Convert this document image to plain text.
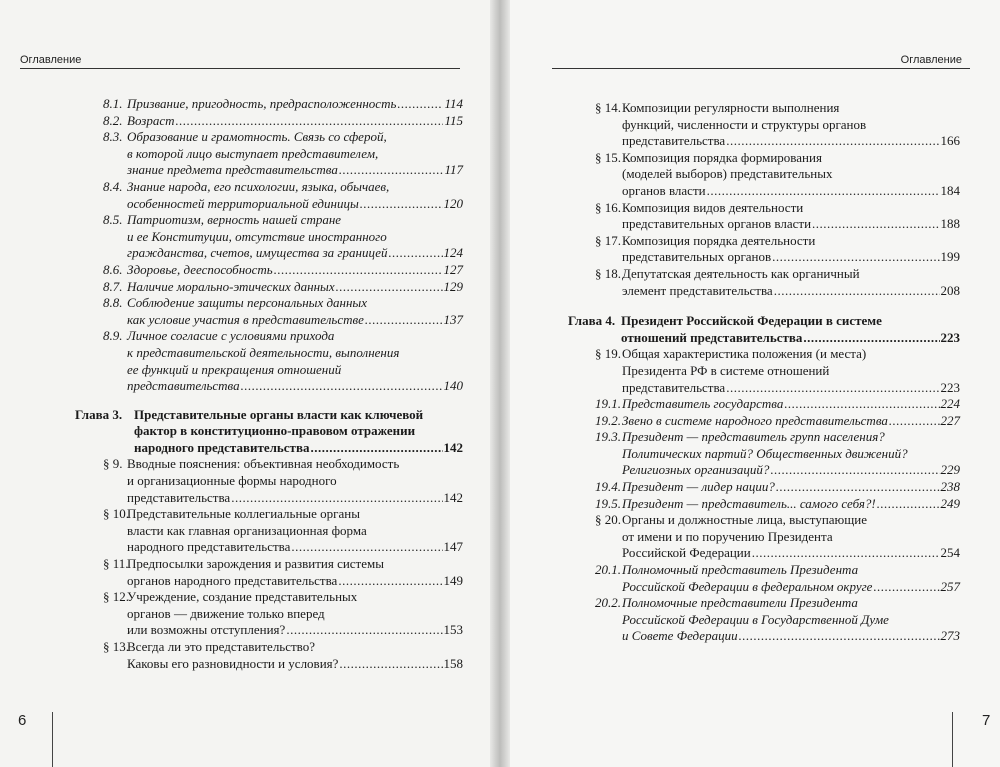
Оглавление
8.1. Призвание, пригодность, предрасположенность .....	114
8.2. Возраст .....	115
8.3. Образование и грамотность. Связь со сферой,
в которой лицо выступает представителем,
знание предмета представительства .....	117
8.4. Знание народа, его психологии, языка, обычаев,
особенностей территориальной единицы .....	120
8.5. Патриотизм, верность нашей стране
и ее Конституции, отсутствие иностранного
гражданства, счетов, имущества за границей .....	124
8.6. Здоровье, дееспособность .....	127
8.7. Наличие морально-этических данных .....	129
8.8. Соблюдение защиты персональных данных
как условие участия в представительстве .....	137
8.9. Личное согласие с условиями прихода
к представительской деятельности, выполнения
ее функций и прекращения отношений
представительства .....	140
Глава 3. Представительные органы власти как ключевой
фактор в конституционно-правовом отражении
народного представительства .....	142
§ 9. Вводные пояснения: объективная необходимость
и организационные формы народного
представительства .....	142
§ 10.
Представительные коллегиальные органы
власти как главная организационная форма
народного представительства .....	147
§ 11.
Предпосылки зарождения и развития системы
органов народного представительства .....	149
§ 12.
Учреждение, создание представительных
органов — движение только вперед
или возможны отступления? .....	153
§ 13.
Всегда ли это представительство?
Каковы его разновидности и условия? .....	158
6
Оглавление
§ 14. Композиции регулярности выполнения
функций, численности и структуры органов
представительства .....	166
§ 15. Композиция порядка формирования
(моделей выборов) представительных
органов власти .....	184
§ 16. Композиция видов деятельности
представительных органов власти .....	188
§ 17. Композиция порядка деятельности
представительных органов .....	199
§ 18. Депутатская деятельность как органичный
элемент представительства .....	208
Глава 4. Президент Российской Федерации в системе
отношений представительства .....	223
§ 19. Общая характеристика положения (и места)
Президента РФ в системе отношений
представительства .....	223
19.1. Представитель государства .....	224
19.2. Звено в системе народного представительства .....	227
19.3. Президент — представитель групп населения?
Политических партий? Общественных движений?
Религиозных организаций? .....	229
19.4. Президент — лидер нации? .....	238
19.5. Президент — представитель... самого себя?! .....	249
§ 20. Органы и должностные лица, выступающие
от имени и по поручению Президента
Российской Федерации .....	254
20.1. Полномочный представитель Президента
Российской Федерации в федеральном округе .....	257
20.2. Полномочные представители Президента
Российской Федерации в Государственной Думе
и Совете Федерации .....	273
7
